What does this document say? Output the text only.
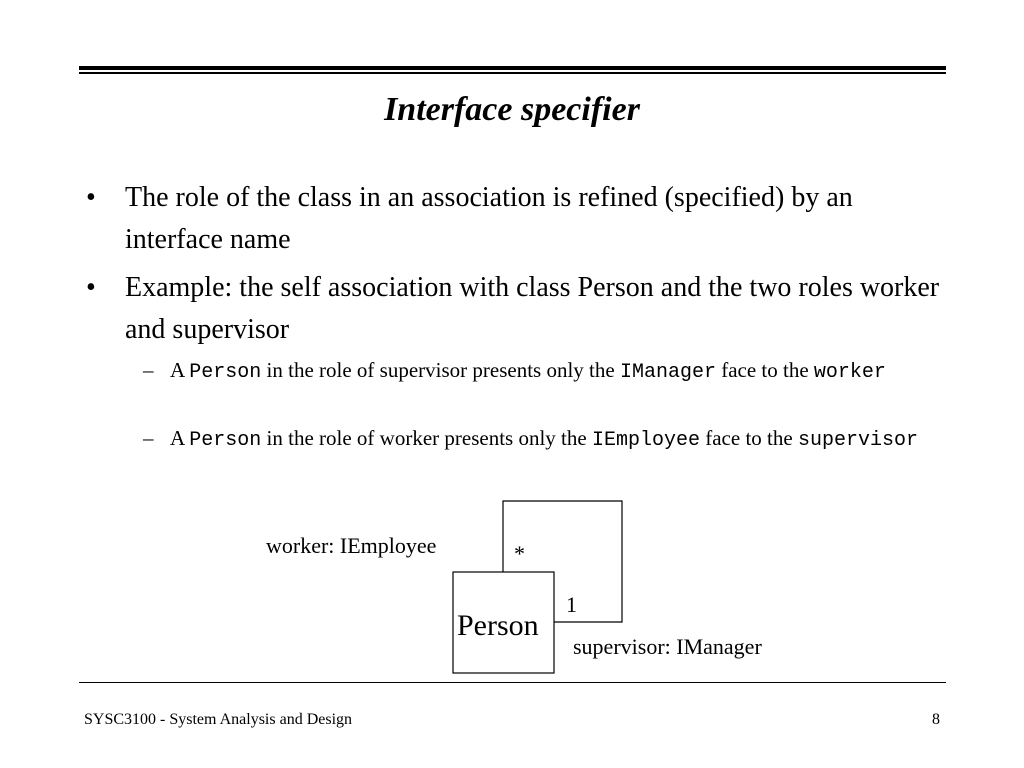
Interface specifier
• The role of the class in an association is refined (specified) by an interface name
• Example: the self association with class Person and the two roles worker and supervisor
– A Person in the role of supervisor presents only the IManager face to the worker
– A Person in the role of worker presents only the IEmployee face to the supervisor
worker: IEmployee	*
1
Person
supervisor: IManager
SYSC3100 - System Analysis and Design	8
